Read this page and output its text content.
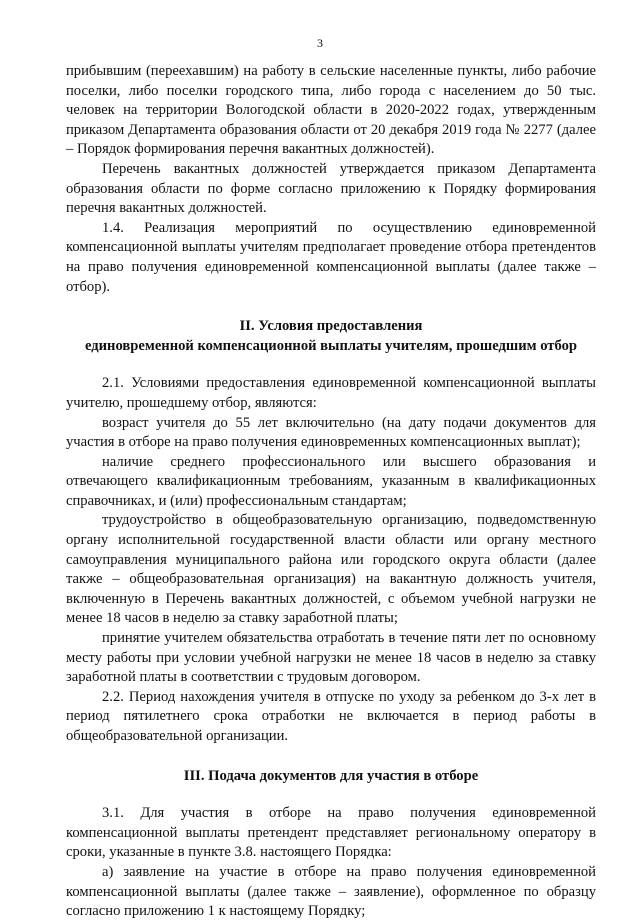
3

прибывшим (переехавшим) на работу в сельские населенные пункты, либо рабочие поселки, либо поселки городского типа, либо города с населением до 50 тыс. человек на территории Вологодской области в 2020-2022 годах, утвержденным приказом Департамента образования области от 20 декабря 2019 года № 2277 (далее – Порядок формирования перечня вакантных должностей).

Перечень вакантных должностей утверждается приказом Департамента образования области по форме согласно приложению к Порядку формирования перечня вакантных должностей.

1.4. Реализация мероприятий по осуществлению единовременной компенсационной выплаты учителям предполагает проведение отбора претендентов на право получения единовременной компенсационной выплаты (далее также – отбор).

II. Условия предоставления

единовременной компенсационной выплаты учителям, прошедшим отбор

2.1. Условиями предоставления единовременной компенсационной выплаты учителю, прошедшему отбор, являются:

возраст учителя до 55 лет включительно (на дату подачи документов для участия в отборе на право получения единовременных компенсационных выплат);

наличие среднего профессионального или высшего образования и отвечающего квалификационным требованиям, указанным в квалификационных справочниках, и (или) профессиональным стандартам;

трудоустройство в общеобразовательную организацию, подведомственную органу исполнительной государственной власти области или органу местного самоуправления муниципального района или городского округа области (далее также – общеобразовательная организация) на вакантную должность учителя, включенную в Перечень вакантных должностей, с объемом учебной нагрузки не менее 18 часов в неделю за ставку заработной платы;

принятие учителем обязательства отработать в течение пяти лет по основному месту работы при условии учебной нагрузки не менее 18 часов в неделю за ставку заработной платы в соответствии с трудовым договором.

2.2. Период нахождения учителя в отпуске по уходу за ребенком до 3-х лет в период пятилетнего срока отработки не включается в период работы в общеобразовательной организации.

III. Подача документов для участия в отборе

3.1. Для участия в отборе на право получения единовременной компенсационной выплаты претендент представляет региональному оператору в сроки, указанные в пункте 3.8. настоящего Порядка:

а) заявление на участие в отборе на право получения единовременной компенсационной выплаты (далее также – заявление), оформленное по образцу согласно приложению 1 к настоящему Порядку;
